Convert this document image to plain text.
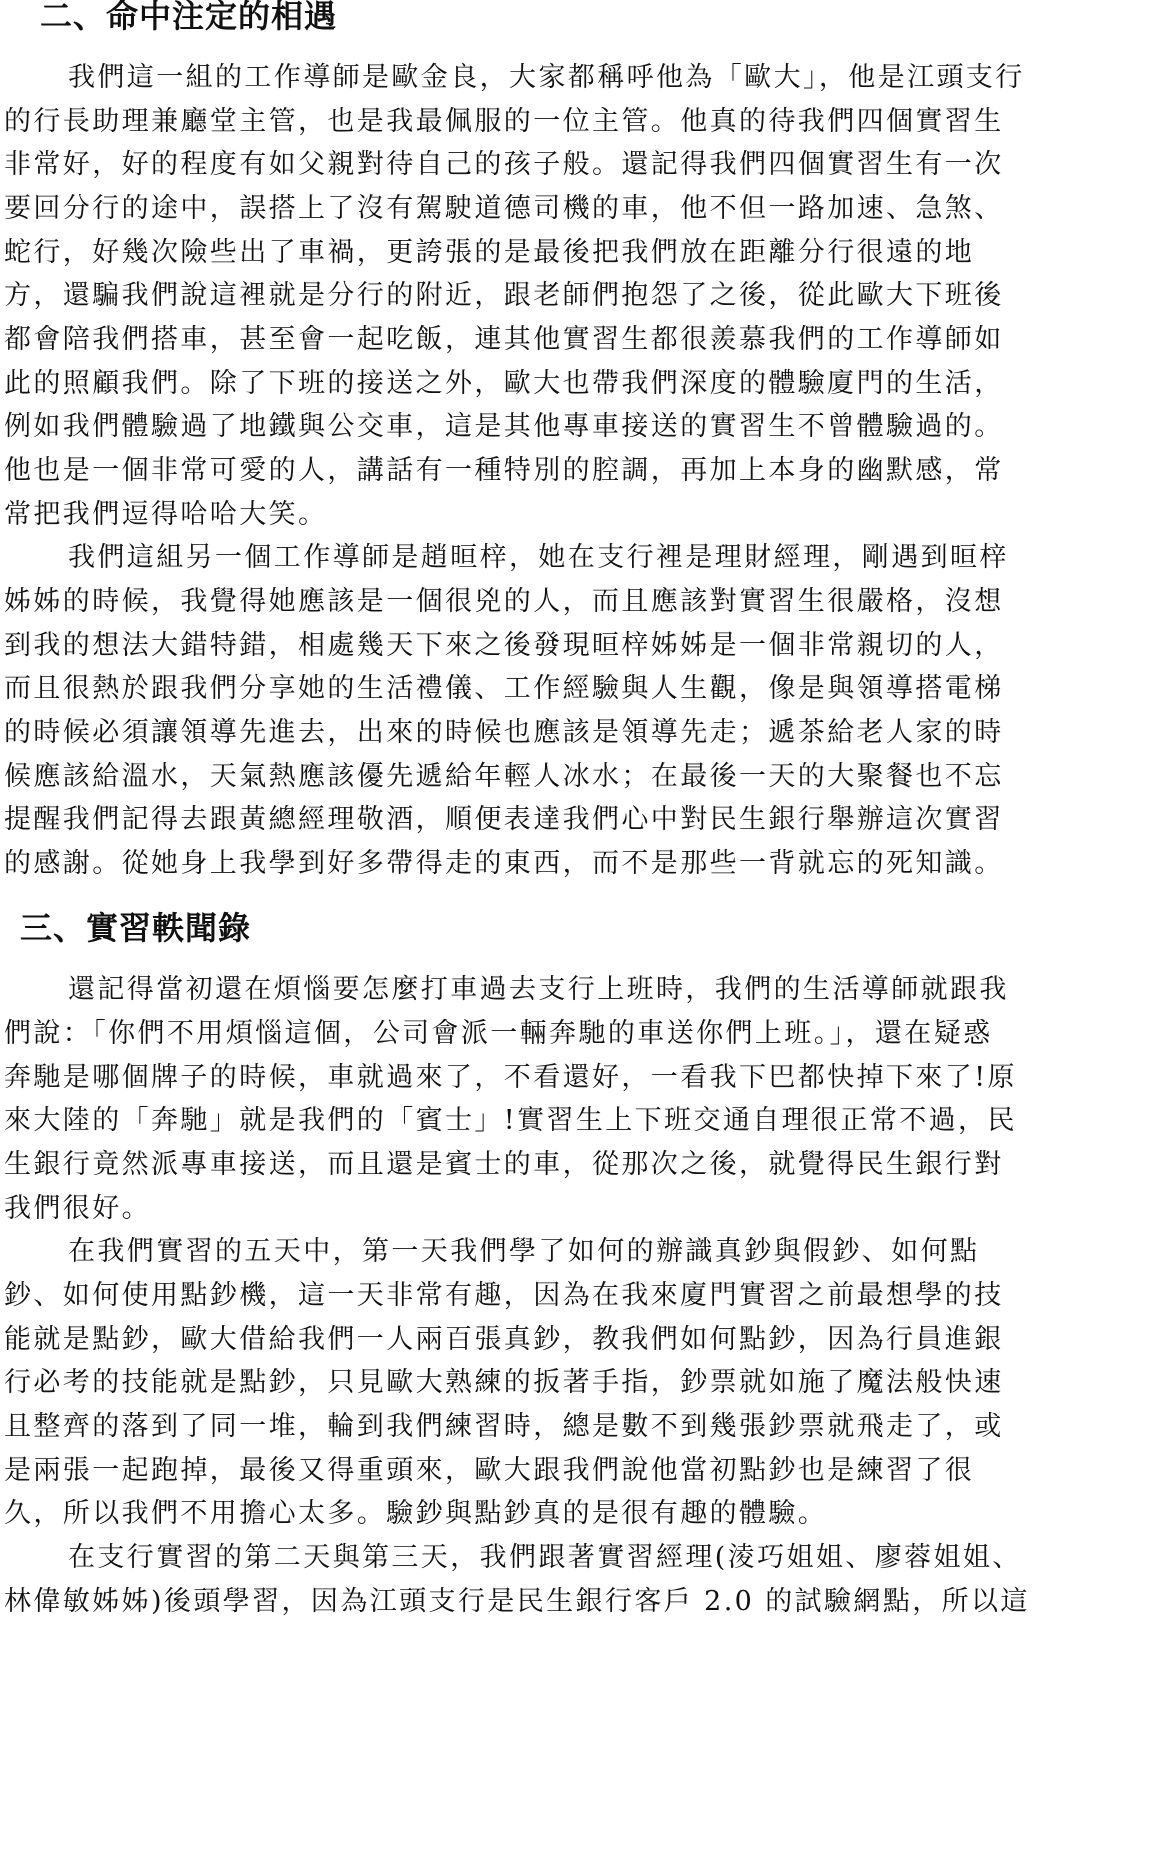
二、命中注定的相遇

我們這一組的工作導師是歐金良，大家都稱呼他為「歐大」，他是江頭支行

的行長助理兼廳堂主管，也是我最佩服的一位主管。他真的待我們四個實習生

非常好，好的程度有如父親對待自己的孩子般。還記得我們四個實習生有一次

要回分行的途中，誤搭上了沒有駕駛道德司機的車，他不但一路加速、急煞、

蛇行，好幾次險些出了車禍，更誇張的是最後把我們放在距離分行很遠的地

方，還騙我們說這裡就是分行的附近，跟老師們抱怨了之後，從此歐大下班後

都會陪我們搭車，甚至會一起吃飯，連其他實習生都很羨慕我們的工作導師如

此的照顧我們。除了下班的接送之外，歐大也帶我們深度的體驗廈門的生活，

例如我們體驗過了地鐵與公交車，這是其他專車接送的實習生不曾體驗過的。

他也是一個非常可愛的人，講話有一種特別的腔調，再加上本身的幽默感，常

常把我們逗得哈哈大笑。

我們這組另一個工作導師是趙晅梓，她在支行裡是理財經理，剛遇到晅梓

姊姊的時候，我覺得她應該是一個很兇的人，而且應該對實習生很嚴格，沒想

到我的想法大錯特錯，相處幾天下來之後發現晅梓姊姊是一個非常親切的人，

而且很熱於跟我們分享她的生活禮儀、工作經驗與人生觀，像是與領導搭電梯

的時候必須讓領導先進去，出來的時候也應該是領導先走；遞茶給老人家的時

候應該給溫水，天氣熱應該優先遞給年輕人冰水；在最後一天的大聚餐也不忘

提醒我們記得去跟黃總經理敬酒，順便表達我們心中對民生銀行舉辦這次實習

的感謝。從她身上我學到好多帶得走的東西，而不是那些一背就忘的死知識。

三、實習軼聞錄

還記得當初還在煩惱要怎麼打車過去支行上班時，我們的生活導師就跟我

們說：「你們不用煩惱這個，公司會派一輛奔馳的車送你們上班。」，還在疑惑

奔馳是哪個牌子的時候，車就過來了，不看還好，一看我下巴都快掉下來了!原

來大陸的「奔馳」就是我們的「賓士」!實習生上下班交通自理很正常不過，民

生銀行竟然派專車接送，而且還是賓士的車，從那次之後，就覺得民生銀行對

我們很好。

在我們實習的五天中，第一天我們學了如何的辦識真鈔與假鈔、如何點

鈔、如何使用點鈔機，這一天非常有趣，因為在我來廈門實習之前最想學的技

能就是點鈔，歐大借給我們一人兩百張真鈔，教我們如何點鈔，因為行員進銀

行必考的技能就是點鈔，只見歐大熟練的扳著手指，鈔票就如施了魔法般快速

且整齊的落到了同一堆，輪到我們練習時，總是數不到幾張鈔票就飛走了，或

是兩張一起跑掉，最後又得重頭來，歐大跟我們說他當初點鈔也是練習了很

久，所以我們不用擔心太多。驗鈔與點鈔真的是很有趣的體驗。

在支行實習的第二天與第三天，我們跟著實習經理(淩巧姐姐、廖蓉姐姐、

林偉敏姊姊)後頭學習，因為江頭支行是民生銀行客戶 2.0 的試驗網點，所以這
